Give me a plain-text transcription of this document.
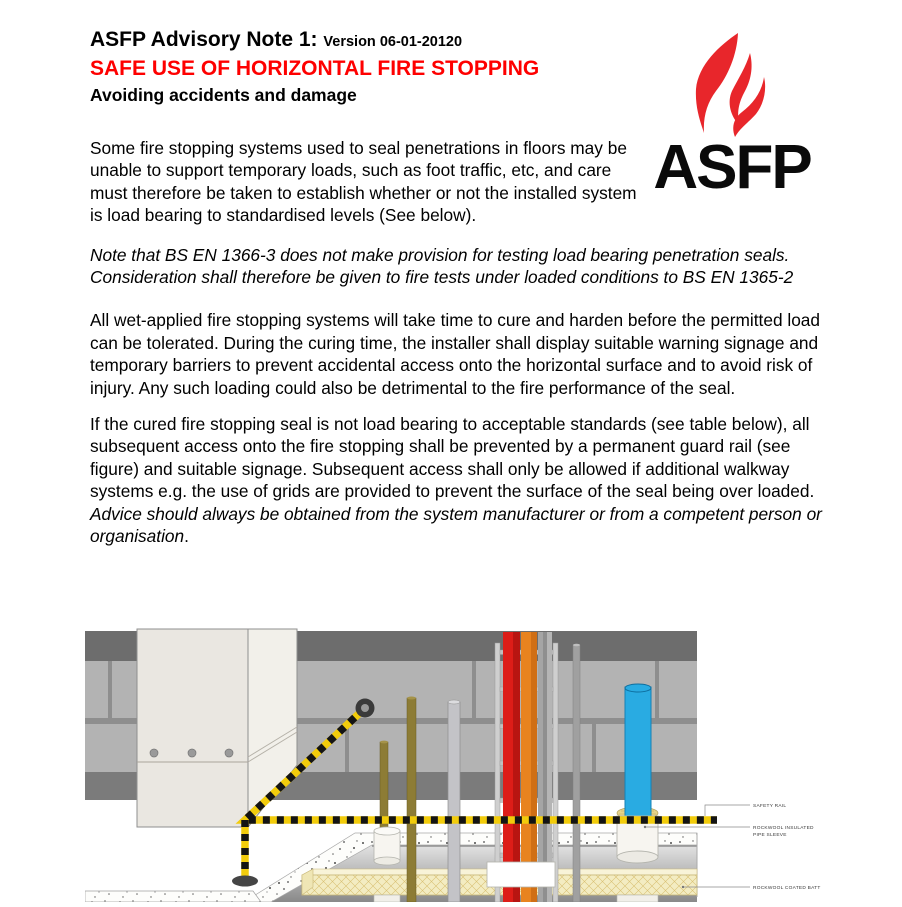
ASFP Advisory Note 1: Version 06-01-20120
SAFE USE OF HORIZONTAL FIRE STOPPING
Avoiding accidents and damage

Some fire stopping systems used to seal penetrations in floors may be unable to support temporary loads, such as foot traffic, etc, and care must therefore be taken to establish whether or not the installed system is load bearing to standardised levels (See below).

Note that BS EN 1366-3 does not make provision for testing load bearing penetration seals. Consideration shall therefore be given to fire tests under loaded conditions to BS EN 1365-2

All wet-applied fire stopping systems will take time to cure and harden before the permitted load can be tolerated. During the curing time, the installer shall display suitable warning signage and temporary barriers to prevent accidental access onto the horizontal surface and to avoid risk of injury. Any such loading could also be detrimental to the fire performance of the seal.

If the cured fire stopping seal is not load bearing to acceptable standards (see table below), all subsequent access onto the fire stopping shall be prevented by a permanent guard rail (see figure) and suitable signage. Subsequent access shall only be allowed if additional walkway systems e.g. the use of grids are provided to prevent the surface of the seal being over loaded. Advice should always be obtained from the system manufacturer or from a competent person or organisation.

ASFP
SAFETY RAIL
ROCKWOOL INSULATED
PIPE SLEEVE
ROCKWOOL COATED BATT
